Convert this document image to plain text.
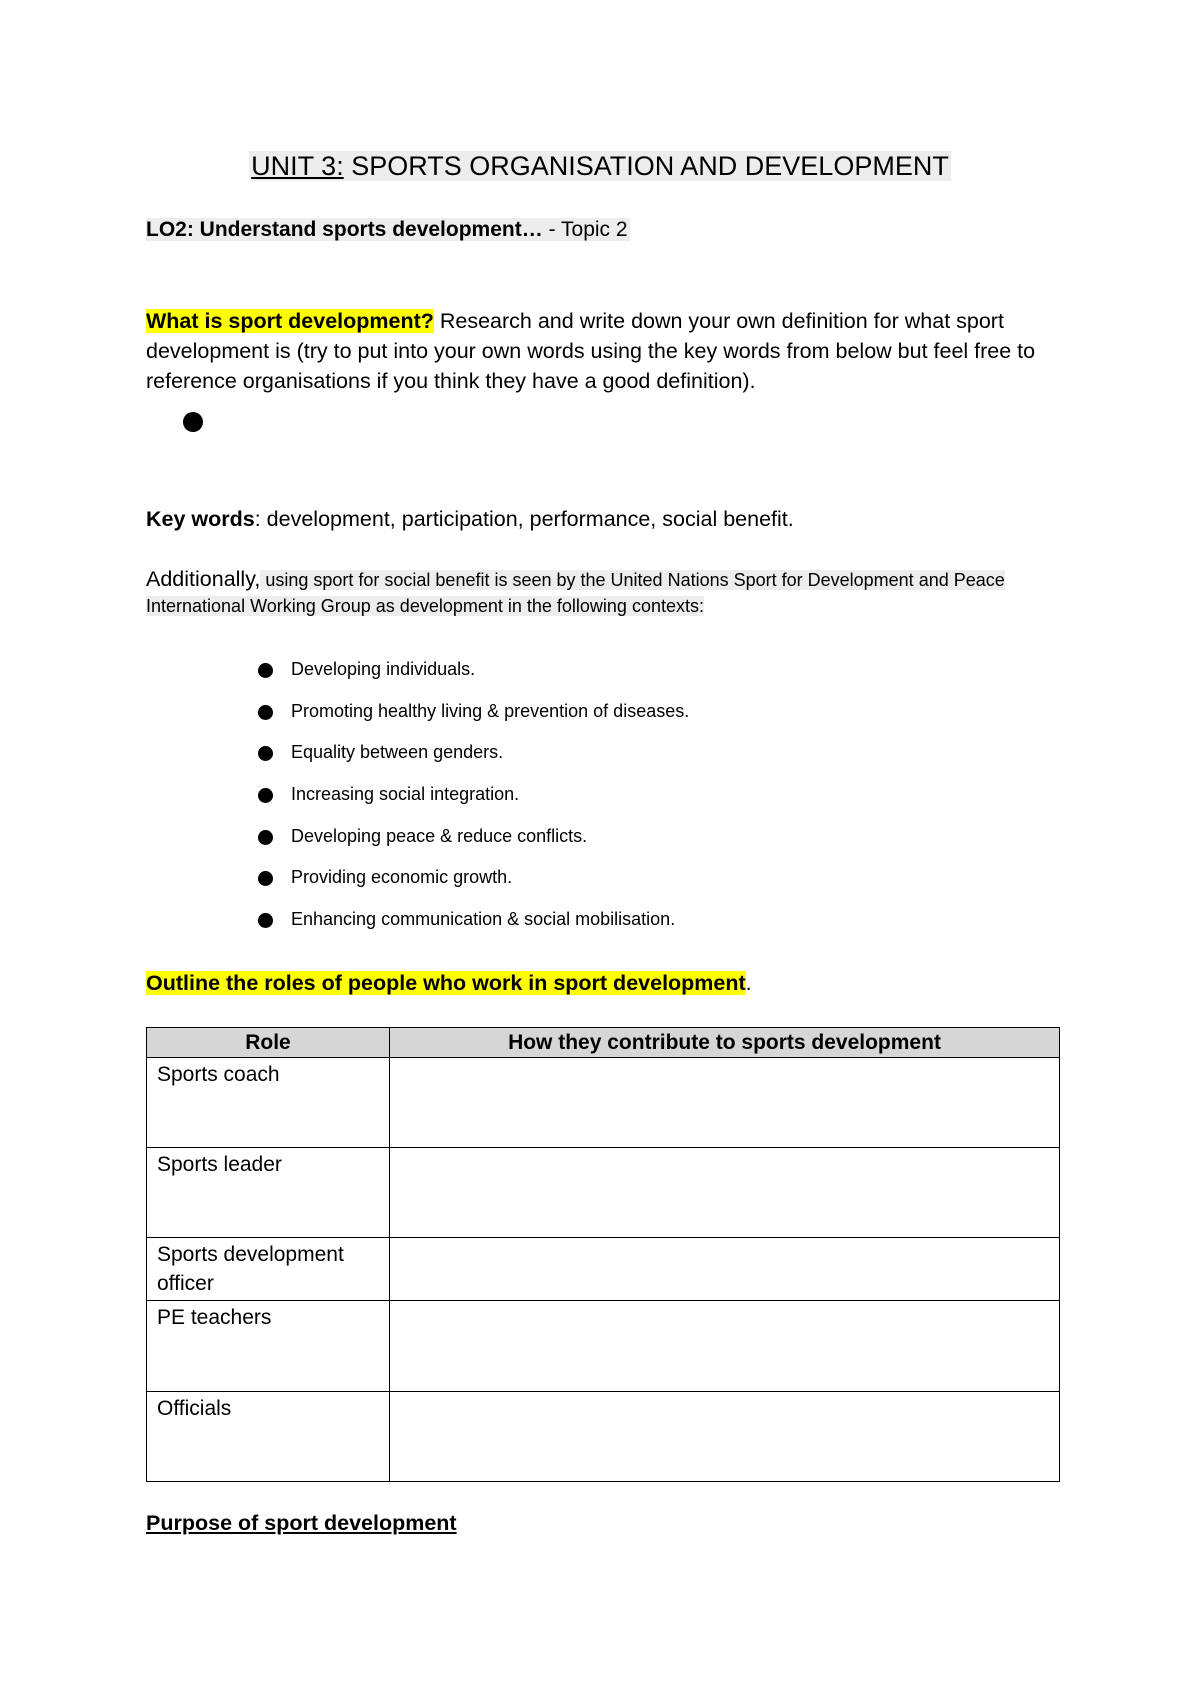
UNIT 3: SPORTS ORGANISATION AND DEVELOPMENT
LO2: Understand sports development… - Topic 2
What is sport development? Research and write down your own definition for what sport development is (try to put into your own words using the key words from below but feel free to reference organisations if you think they have a good definition).
Key words: development, participation, performance, social benefit.
Additionally, using sport for social benefit is seen by the United Nations Sport for Development and Peace International Working Group as development in the following contexts:
Developing individuals.
Promoting healthy living & prevention of diseases.
Equality between genders.
Increasing social integration.
Developing peace & reduce conflicts.
Providing economic growth.
Enhancing communication & social mobilisation.
Outline the roles of people who work in sport development.
Role	How they contribute to sports development
Sports coach	
Sports leader	
Sports development officer	
PE teachers	
Officials	
Purpose of sport development
